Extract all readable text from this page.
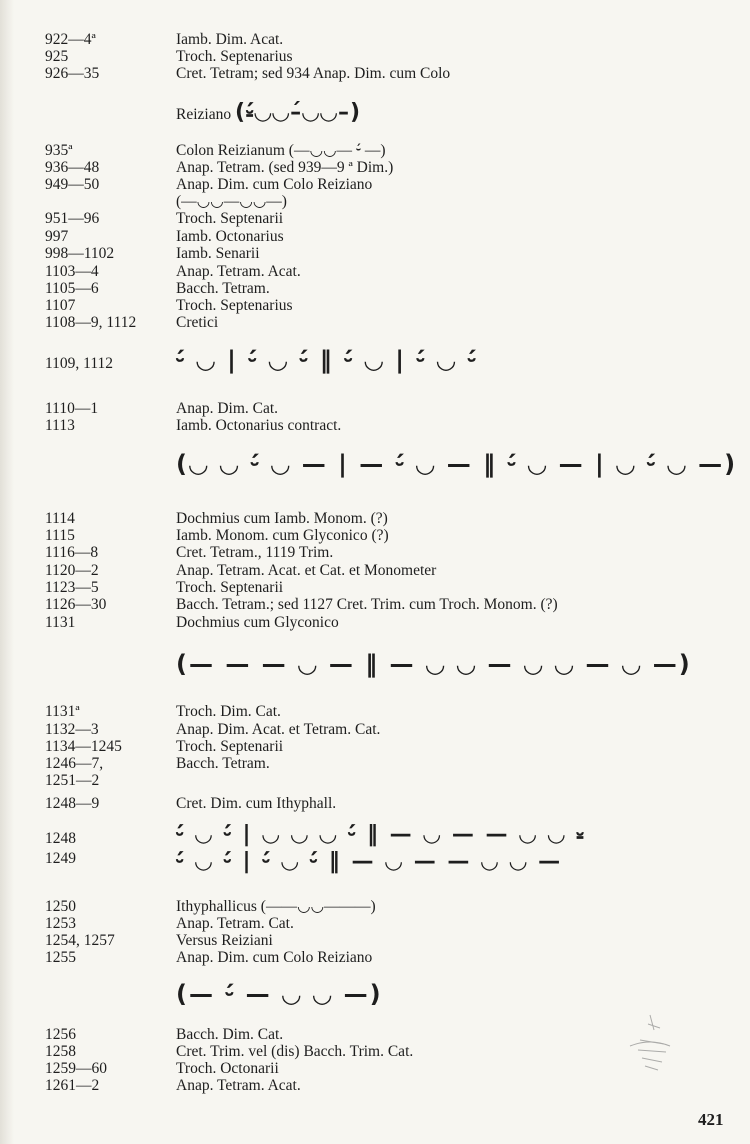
922—4ª	Iamb. Dim. Acat.
925	Troch. Septenarius
926—35	Cret. Tetram; sed 934 Anap. Dim. cum Colo
Reiziano (⏓́◡◡–́◡◡–)
935ª	Colon Reizianum (—◡◡— ⏑́ —)
936—48	Anap. Tetram. (sed 939—9 ª Dim.)
949—50	Anap. Dim. cum Colo Reiziano
(—◡◡—◡◡—)
951—96	Troch. Septenarii
997	Iamb. Octonarius
998—1102	Iamb. Senarii
1103—4	Anap. Tetram. Acat.
1105—6	Bacch. Tetram.
1107	Troch. Septenarius
1108—9, 1112	Cretici
1109, 1112	⏑́ ◡ | ⏑́ ◡ ⏑́ ‖ ⏑́ ◡ | ⏑́ ◡ ⏑́
1110—1	Anap. Dim. Cat.
1113	Iamb. Octonarius contract.
(◡ ◡ ⏑́ ◡ — | — ⏑́ ◡ — ‖ ⏑́ ◡ — | ◡ ⏑́ ◡ —)
1114	Dochmius cum Iamb. Monom. (?)
1115	Iamb. Monom. cum Glyconico (?)
1116—8	Cret. Tetram., 1119 Trim.
1120—2	Anap. Tetram. Acat. et Cat. et Monometer
1123—5	Troch. Septenarii
1126—30	Bacch. Tetram.; sed 1127 Cret. Trim. cum Troch. Monom. (?)
1131	Dochmius cum Glyconico
(— — — ◡ — ‖ — ◡ ◡ — ◡ ◡ — ◡ —)
1131ª	Troch. Dim. Cat.
1132—3	Anap. Dim. Acat. et Tetram. Cat.
1134—1245	Troch. Septenarii
1246—7,	Bacch. Tetram.
1251—2
1248—9	Cret. Dim. cum Ithyphall.
1248	⏑́ ◡ ⏑́ | ◡ ◡ ◡ ⏑́ ‖ — ◡ — — ◡ ◡ ⏓
1249	⏑́ ◡ ⏑́ | ⏑́ ◡ ⏑́ ‖ — ◡ — — ◡ ◡ —
1250	Ithyphallicus (——◡◡———)
1253	Anap. Tetram. Cat.
1254, 1257	Versus Reiziani
1255	Anap. Dim. cum Colo Reiziano
(— ⏑́ — ◡ ◡ —)
1256	Bacch. Dim. Cat.
1258	Cret. Trim. vel (dis) Bacch. Trim. Cat.
1259—60	Troch. Octonarii
1261—2	Anap. Tetram. Acat.
421
